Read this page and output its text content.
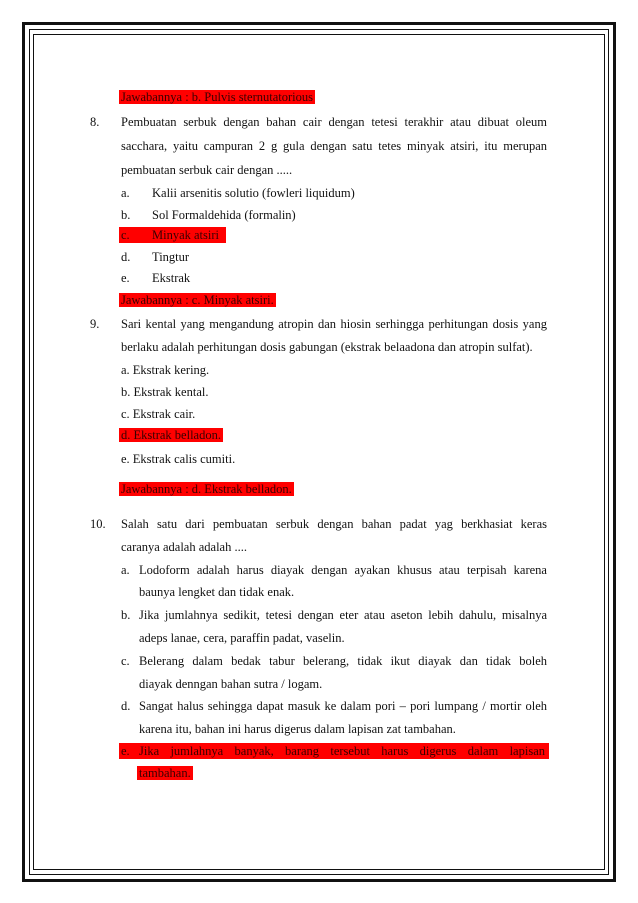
Jawabannya : b. Pulvis sternutatorious
8. Pembuatan serbuk dengan bahan cair dengan tetesi terakhir atau dibuat oleum
sacchara, yaitu campuran 2 g gula dengan satu tetes minyak atsiri, itu merupan
pembuatan serbuk cair dengan .....
a. Kalii arsenitis solutio (fowleri liquidum)
b. Sol Formaldehida (formalin)
c. Minyak atsiri
d. Tingtur
e. Ekstrak
Jawabannya : c. Minyak atsiri.
9. Sari kental yang mengandung atropin dan hiosin serhingga perhitungan dosis yang
berlaku adalah perhitungan dosis gabungan (ekstrak belaadona dan atropin sulfat).
a. Ekstrak kering.
b. Ekstrak kental.
c. Ekstrak cair.
d. Ekstrak belladon.
e. Ekstrak calis cumiti.
Jawabannya : d. Ekstrak belladon.
10. Salah satu dari pembuatan serbuk dengan bahan padat yag berkhasiat keras
caranya adalah adalah ....
a. Lodoform adalah harus diayak dengan ayakan khusus atau terpisah karena
baunya lengket dan tidak enak.
b. Jika jumlahnya sedikit, tetesi dengan eter atau aseton lebih dahulu, misalnya
adeps lanae, cera, paraffin padat, vaselin.
c. Belerang dalam bedak tabur belerang, tidak ikut diayak dan tidak boleh
diayak denngan bahan sutra / logam.
d. Sangat halus sehingga dapat masuk ke dalam pori – pori lumpang / mortir oleh
karena itu, bahan ini harus digerus dalam lapisan zat tambahan.
e. Jika jumlahnya banyak, barang tersebut harus digerus dalam lapisan
tambahan.
